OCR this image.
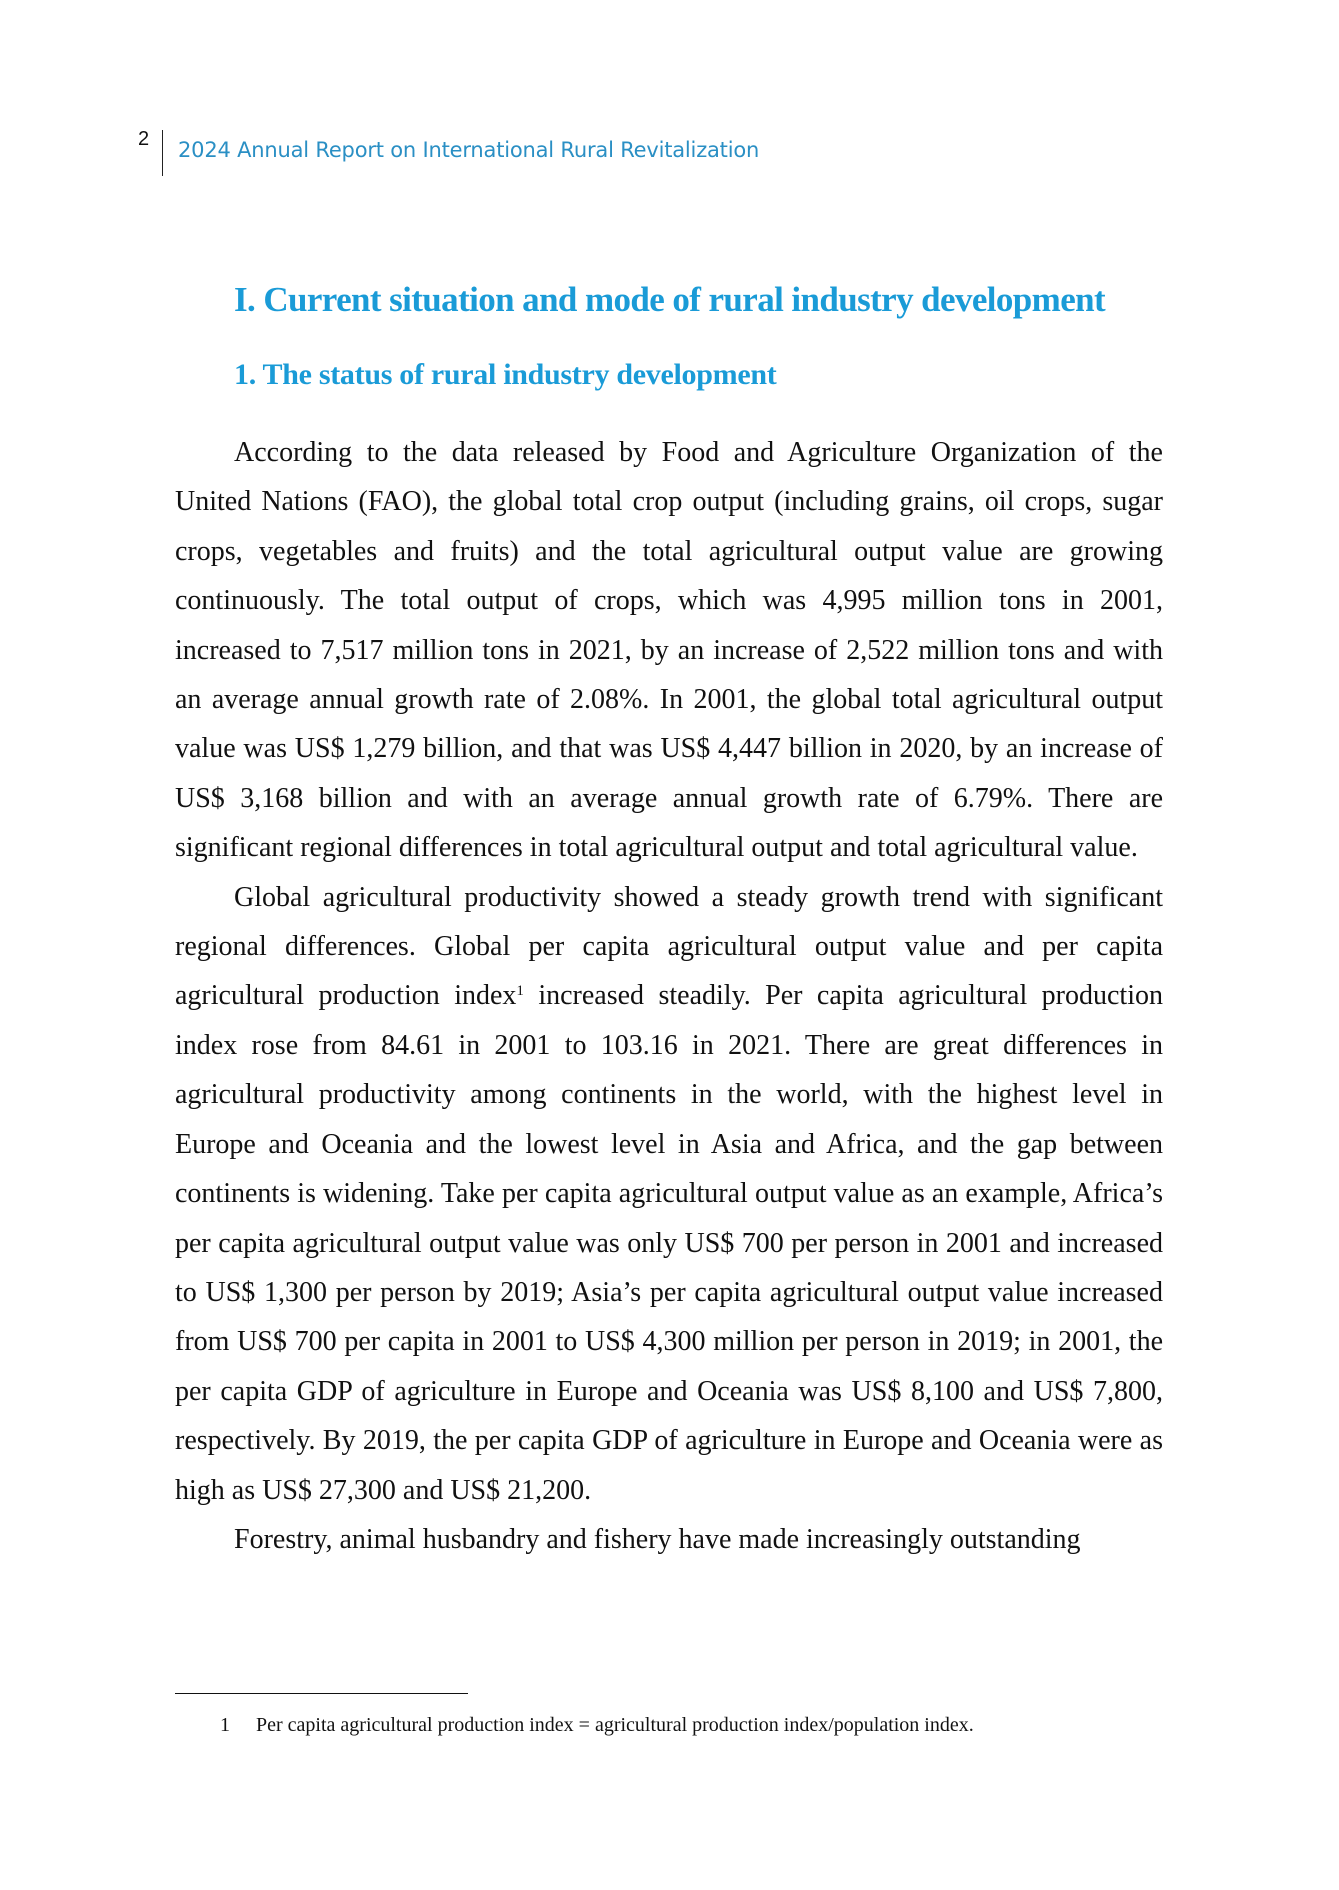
2 2024 Annual Report on International Rural Revitalization
I. Current situation and mode of rural industry development
1. The status of rural industry development

According to the data released by Food and Agriculture Organization of the United Nations (FAO), the global total crop output (including grains, oil crops, sugar crops, vegetables and fruits) and the total agricultural output value are growing continuously. The total output of crops, which was 4,995 million tons in 2001, increased to 7,517 million tons in 2021, by an increase of 2,522 million tons and with an average annual growth rate of 2.08%. In 2001, the global total agricultural output value was US$ 1,279 billion, and that was US$ 4,447 billion in 2020, by an increase of US$ 3,168 billion and with an average annual growth rate of 6.79%. There are significant regional differences in total agricultural output and total agricultural value.

Global agricultural productivity showed a steady growth trend with significant regional differences. Global per capita agricultural output value and per capita agricultural production index$^1$ increased steadily. Per capita agricultural production index rose from 84.61 in 2001 to 103.16 in 2021. There are great differences in agricultural productivity among continents in the world, with the highest level in Europe and Oceania and the lowest level in Asia and Africa, and the gap between continents is widening. Take per capita agricultural output value as an example, Africa’s per capita agricultural output value was only US$ 700 per person in 2001 and increased to US$ 1,300 per person by 2019; Asia’s per capita agricultural output value increased from US$ 700 per capita in 2001 to US$ 4,300 million per person in 2019; in 2001, the per capita GDP of agriculture in Europe and Oceania was US$ 8,100 and US$ 7,800, respectively. By 2019, the per capita GDP of agriculture in Europe and Oceania were as high as US$ 27,300 and US$ 21,200.

Forestry, animal husbandry and fishery have made increasingly outstanding

1 Per capita agricultural production index = agricultural production index/population index.
